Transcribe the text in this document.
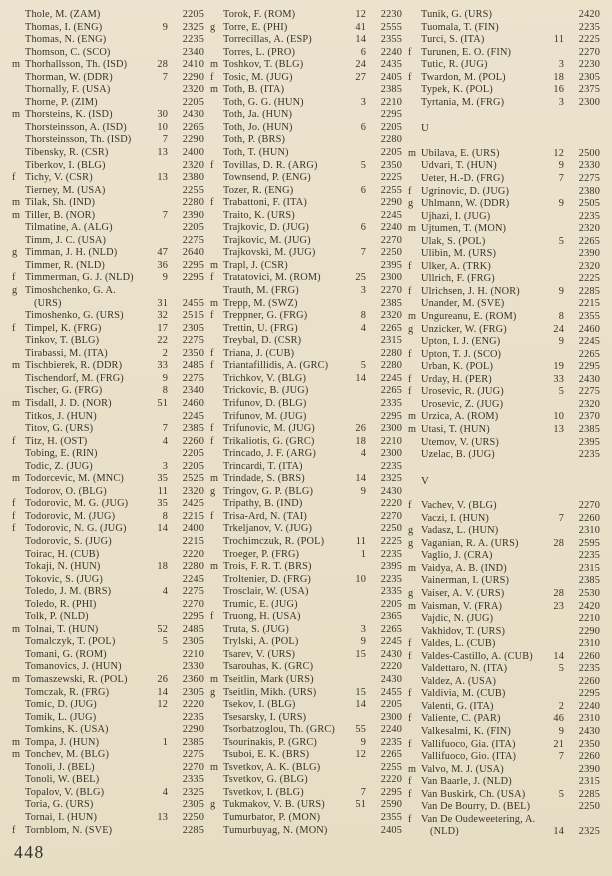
Thole, M. (ZAM)	2205
Thomas, I. (ENG)	9	2325
Thomas, N. (ENG)	2235
Thomson, C. (SCO)	2340
m Thorhallsson, Th. (ISD)	28	2410
Thorman, W. (DDR)	7	2290
Thornally, F. (USA)	2320
Thorne, P. (ZIM)	2205
m Thorsteins, K. (ISD)	30	2430
Thorsteinsson, A. (ISD)	10	2265
Thorsteinsson, Th. (ISD)	7	2290
Tibensky, R. (CSR)	13	2400
Tiberkov, I. (BLG)	2320
f Tichy, V. (CSR)	13	2380
Tierney, M. (USA)	2255
m Tilak, Sh. (IND)	2280
m Tiller, B. (NOR)	7	2390
Tilmatine, A. (ALG)	2205
Timm, J. C. (USA)	2275
g Timman, J. H. (NLD)	47	2640
Timmer, R. (NLD)	36	2295
f Timmerman, G. J. (NLD)	9	2295
g Timoshchenko, G. A.
(URS)	31	2455
Timoshenko, G. (URS)	32	2515
f Timpel, K. (FRG)	17	2305
Tinkov, T. (BLG)	22	2275
Tirabassi, M. (ITA)	2	2350
m Tischbierek, R. (DDR)	33	2485
Tischendorf, M. (FRG)	9	2275
Tischer, G. (FRG)	8	2340
m Tisdall, J. D. (NOR)	51	2460
Titkos, J. (HUN)	2245
Titov, G. (URS)	7	2385
f Titz, H. (OST)	4	2260
Tobing, E. (RIN)	2205
Todic, Z. (JUG)	3	2205
m Todorcevic, M. (MNC)	35	2525
Todorov, O. (BLG)	11	2320
f Todorovic, M. G. (JUG)	35	2425
f Todorovic, M. (JUG)	8	2215
f Todorovic, N. G. (JUG)	14	2400
Todorovic, S. (JUG)	2215
Toirac, H. (CUB)	2220
Tokaji, N. (HUN)	18	2280
Tokovic, S. (JUG)	2245
Toledo, J. M. (BRS)	4	2275
Toledo, R. (PHI)	2270
Tolk, P. (NLD)	2295
m Tolnai, T. (HUN)	52	2485
Tomalczyk, T. (POL)	5	2305
Tomani, G. (ROM)	2210
Tomanovics, J. (HUN)	2330
m Tomaszewski, R. (POL)	26	2360
Tomczak, R. (FRG)	14	2305
Tomic, D. (JUG)	12	2220
Tomik, L. (JUG)	2235
Tomkins, K. (USA)	2290
m Tompa, J. (HUN)	1	2385
m Tonchev, M. (BLG)	2275
Tonoli, J. (BEL)	2270
Tonoli, W. (BEL)	2335
Topalov, V. (BLG)	4	2325
Toria, G. (URS)	2305
Tornai, I. (HUN)	13	2250
f Tornblom, N. (SVE)	2285
Torok, F. (ROM)	12	2230
g Torre, E. (PHI)	41	2555
Torrecillas, A. (ESP)	14	2355
Torres, L. (PRO)	6	2240
m Toshkov, T. (BLG)	24	2435
f Tosic, M. (JUG)	27	2405
m Toth, B. (ITA)	2385
Toth, G. G. (HUN)	3	2210
Toth, Ja. (HUN)	2295
Toth, Jo. (HUN)	6	2205
Toth, P. (BRS)	2280
Toth, T. (HUN)	2205
f Tovillas, D. R. (ARG)	5	2350
Townsend, P. (ENG)	2225
Tozer, R. (ENG)	6	2255
f Trabattoni, F. (ITA)	2290
Traito, K. (URS)	2245
Trajkovic, D. (JUG)	6	2240
Trajkovic, M. (JUG)	2270
Trajkovski, M. (JUG)	7	2250
m Trapl, J. (CSR)	2395
f Tratatovici, M. (ROM)	25	2300
Trauth, M. (FRG)	3	2270
m Trepp, M. (SWZ)	2385
f Treppner, G. (FRG)	8	2320
Trettin, U. (FRG)	4	2265
Treybal, D. (CSR)	2315
f Triana, J. (CUB)	2280
f Triantafillidis, A. (GRC)	5	2280
Trichkov, V. (BLG)	14	2245
Trickovic, B. (JUG)	2265
Trifunov, D. (BLG)	2335
Trifunov, M. (JUG)	2295
f Trifunovic, M. (JUG)	26	2300
f Trikaliotis, G. (GRC)	18	2210
Trincado, J. F. (ARG)	4	2300
Trincardi, T. (ITA)	2235
m Trindade, S. (BRS)	14	2325
g Tringov, G. P. (BLG)	9	2430
Tripathy, B. (IND)	2220
f Trisa-Ard, N. (TAI)	2270
Trkeljanov, V. (JUG)	2250
Trochimczuk, R. (POL)	11	2225
Troeger, P. (FRG)	1	2235
m Trois, F. R. T. (BRS)	2395
Troltenier, D. (FRG)	10	2235
Trosclair, W. (USA)	2335
Trumic, E. (JUG)	2205
f Truong, H. (USA)	2365
Truta, S. (JUG)	3	2265
Trylski, A. (POL)	9	2245
Tsarev, V. (URS)	15	2430
Tsarouhas, K. (GRC)	2220
m Tseitlin, Mark (URS)	2430
g Tseitlin, Mikh. (URS)	15	2455
Tsekov, I. (BLG)	14	2205
Tsesarsky, I. (URS)	2300
Tsorbatzoglou, Th. (GRC)	55	2240
Tsourinakis, P. (GRC)	9	2235
Tsuboi, E. K. (BRS)	12	2265
m Tsvetkov, A. K. (BLG)	2255
Tsvetkov, G. (BLG)	2220
Tsvetkov, I. (BLG)	7	2295
g Tukmakov, V. B. (URS)	51	2590
Tumurbator, P. (MON)	2355
Tumurbuyag, N. (MON)	2405
Tunik, G. (URS)	2420
Tuomala, T. (FIN)	2235
Turci, S. (ITA)	11	2225
f Turunen, E. O. (FIN)	2270
Tutic, R. (JUG)	3	2230
f Twardon, M. (POL)	18	2305
Typek, K. (POL)	16	2375
Tyrtania, M. (FRG)	3	2300
U
m Ubilava, E. (URS)	12	2500
Udvari, T. (HUN)	9	2330
Ueter, H.-D. (FRG)	7	2275
f Ugrinovic, D. (JUG)	2380
g Uhlmann, W. (DDR)	9	2505
Ujhazi, I. (JUG)	2235
m Ujtumen, T. (MON)	2320
Ulak, S. (POL)	5	2265
Ulibin, M. (URS)	2390
f Ulker, A. (TRK)	2320
Ullrich, F. (FRG)	2225
f Ulrichsen, J. H. (NOR)	9	2285
Unander, M. (SVE)	2215
m Ungureanu, E. (ROM)	8	2355
g Unzicker, W. (FRG)	24	2460
Upton, I. J. (ENG)	9	2245
f Upton, T. J. (SCO)	2265
Urban, K. (POL)	19	2295
f Urday, H. (PER)	33	2430
f Urosevic, R. (JUG)	5	2275
Urosevic, Z. (JUG)	2320
m Urzica, A. (ROM)	10	2370
m Utasi, T. (HUN)	13	2385
Utemov, V. (URS)	2395
Uzelac, B. (JUG)	2235
V
f Vachev, V. (BLG)	2270
Vaczi, I. (HUN)	7	2260
g Vadasz, L. (HUN)	2310
g Vaganian, R. A. (URS)	28	2595
Vaglio, J. (CRA)	2235
m Vaidya, A. B. (IND)	2315
Vainerman, I. (URS)	2385
g Vaiser, A. V. (URS)	28	2530
m Vaisman, V. (FRA)	23	2420
Vajdic, N. (JUG)	2210
Vakhidov, T. (URS)	2290
f Valdes, L. (CUB)	2310
f Valdes-Castillo, A. (CUB)	14	2260
Valdettaro, N. (ITA)	5	2235
Valdez, A. (USA)	2260
f Valdivia, M. (CUB)	2295
Valenti, G. (ITA)	2	2240
f Valiente, C. (PAR)	46	2310
Valkesalmi, K. (FIN)	9	2430
f Vallifuoco, Gia. (ITA)	21	2350
Vallifuoco, Gio. (ITA)	7	2260
m Valvo, M. J. (USA)	2390
f Van Baarle, J. (NLD)	2315
f Van Buskirk, Ch. (USA)	5	2285
Van De Bourry, D. (BEL)	2250
f Van De Oudeweetering, A.
(NLD)	14	2325
448
